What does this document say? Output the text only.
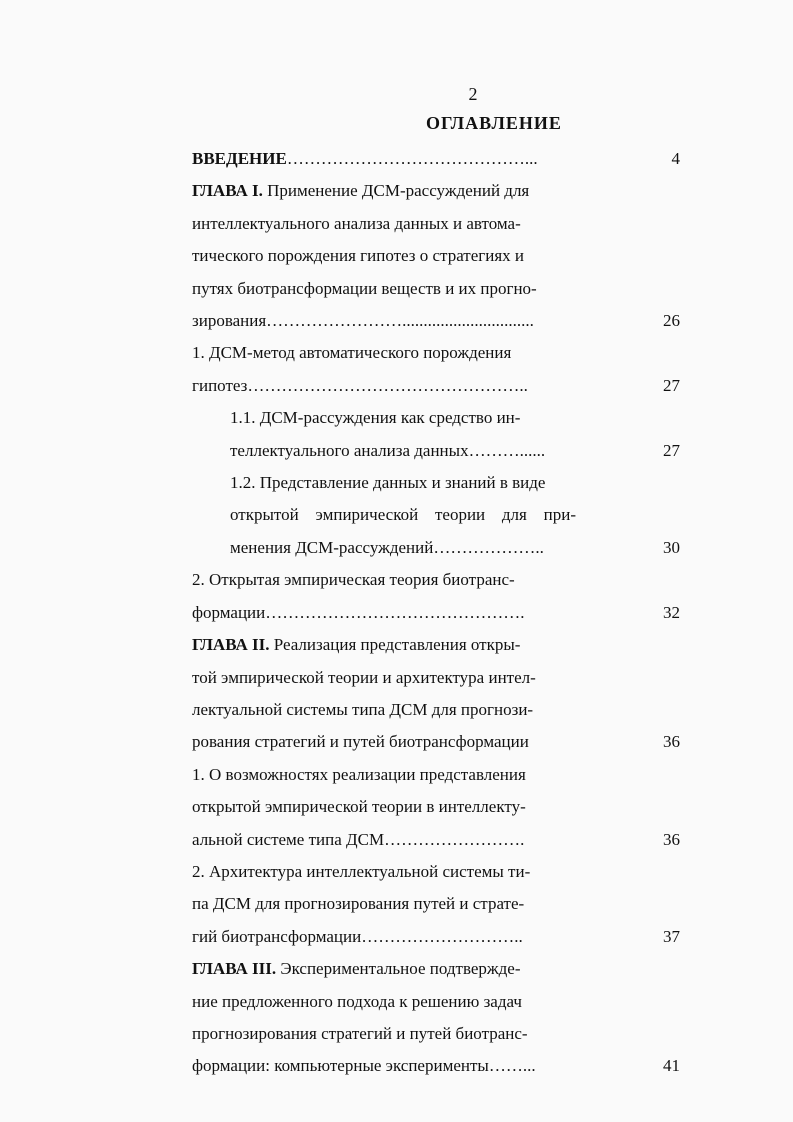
2
ОГЛАВЛЕНИЕ
ВВЕДЕНИЕ……………………………………...	4
ГЛАВА I. Применение ДСМ-рассуждений для
интеллектуального анализа данных и автома-
тического порождения гипотез о стратегиях и
путях биотрансформации веществ и их прогно-
зирования……………………...............................	26
1. ДСМ-метод автоматического порождения
гипотез…………………………………………..	27
1.1. ДСМ-рассуждения как средство ин-
теллектуального анализа данных………......	27
1.2. Представление данных и знаний в виде
открытой эмпирической теории для при-
менения ДСМ-рассуждений………………..	30
2. Открытая эмпирическая теория биотранс-
формации……………………………………….	32
ГЛАВА II. Реализация представления откры-
той эмпирической теории и архитектура интел-
лектуальной системы типа ДСМ для прогнози-
рования стратегий и путей биотрансформации	36
1. О возможностях реализации представления
открытой эмпирической теории в интеллекту-
альной системе типа ДСМ…………………….	36
2. Архитектура интеллектуальной системы ти-
па ДСМ для прогнозирования путей и страте-
гий биотрансформации………………………..	37
ГЛАВА III. Экспериментальное подтвержде-
ние предложенного подхода к решению задач
прогнозирования стратегий и путей биотранс-
формации: компьютерные эксперименты……...	41
